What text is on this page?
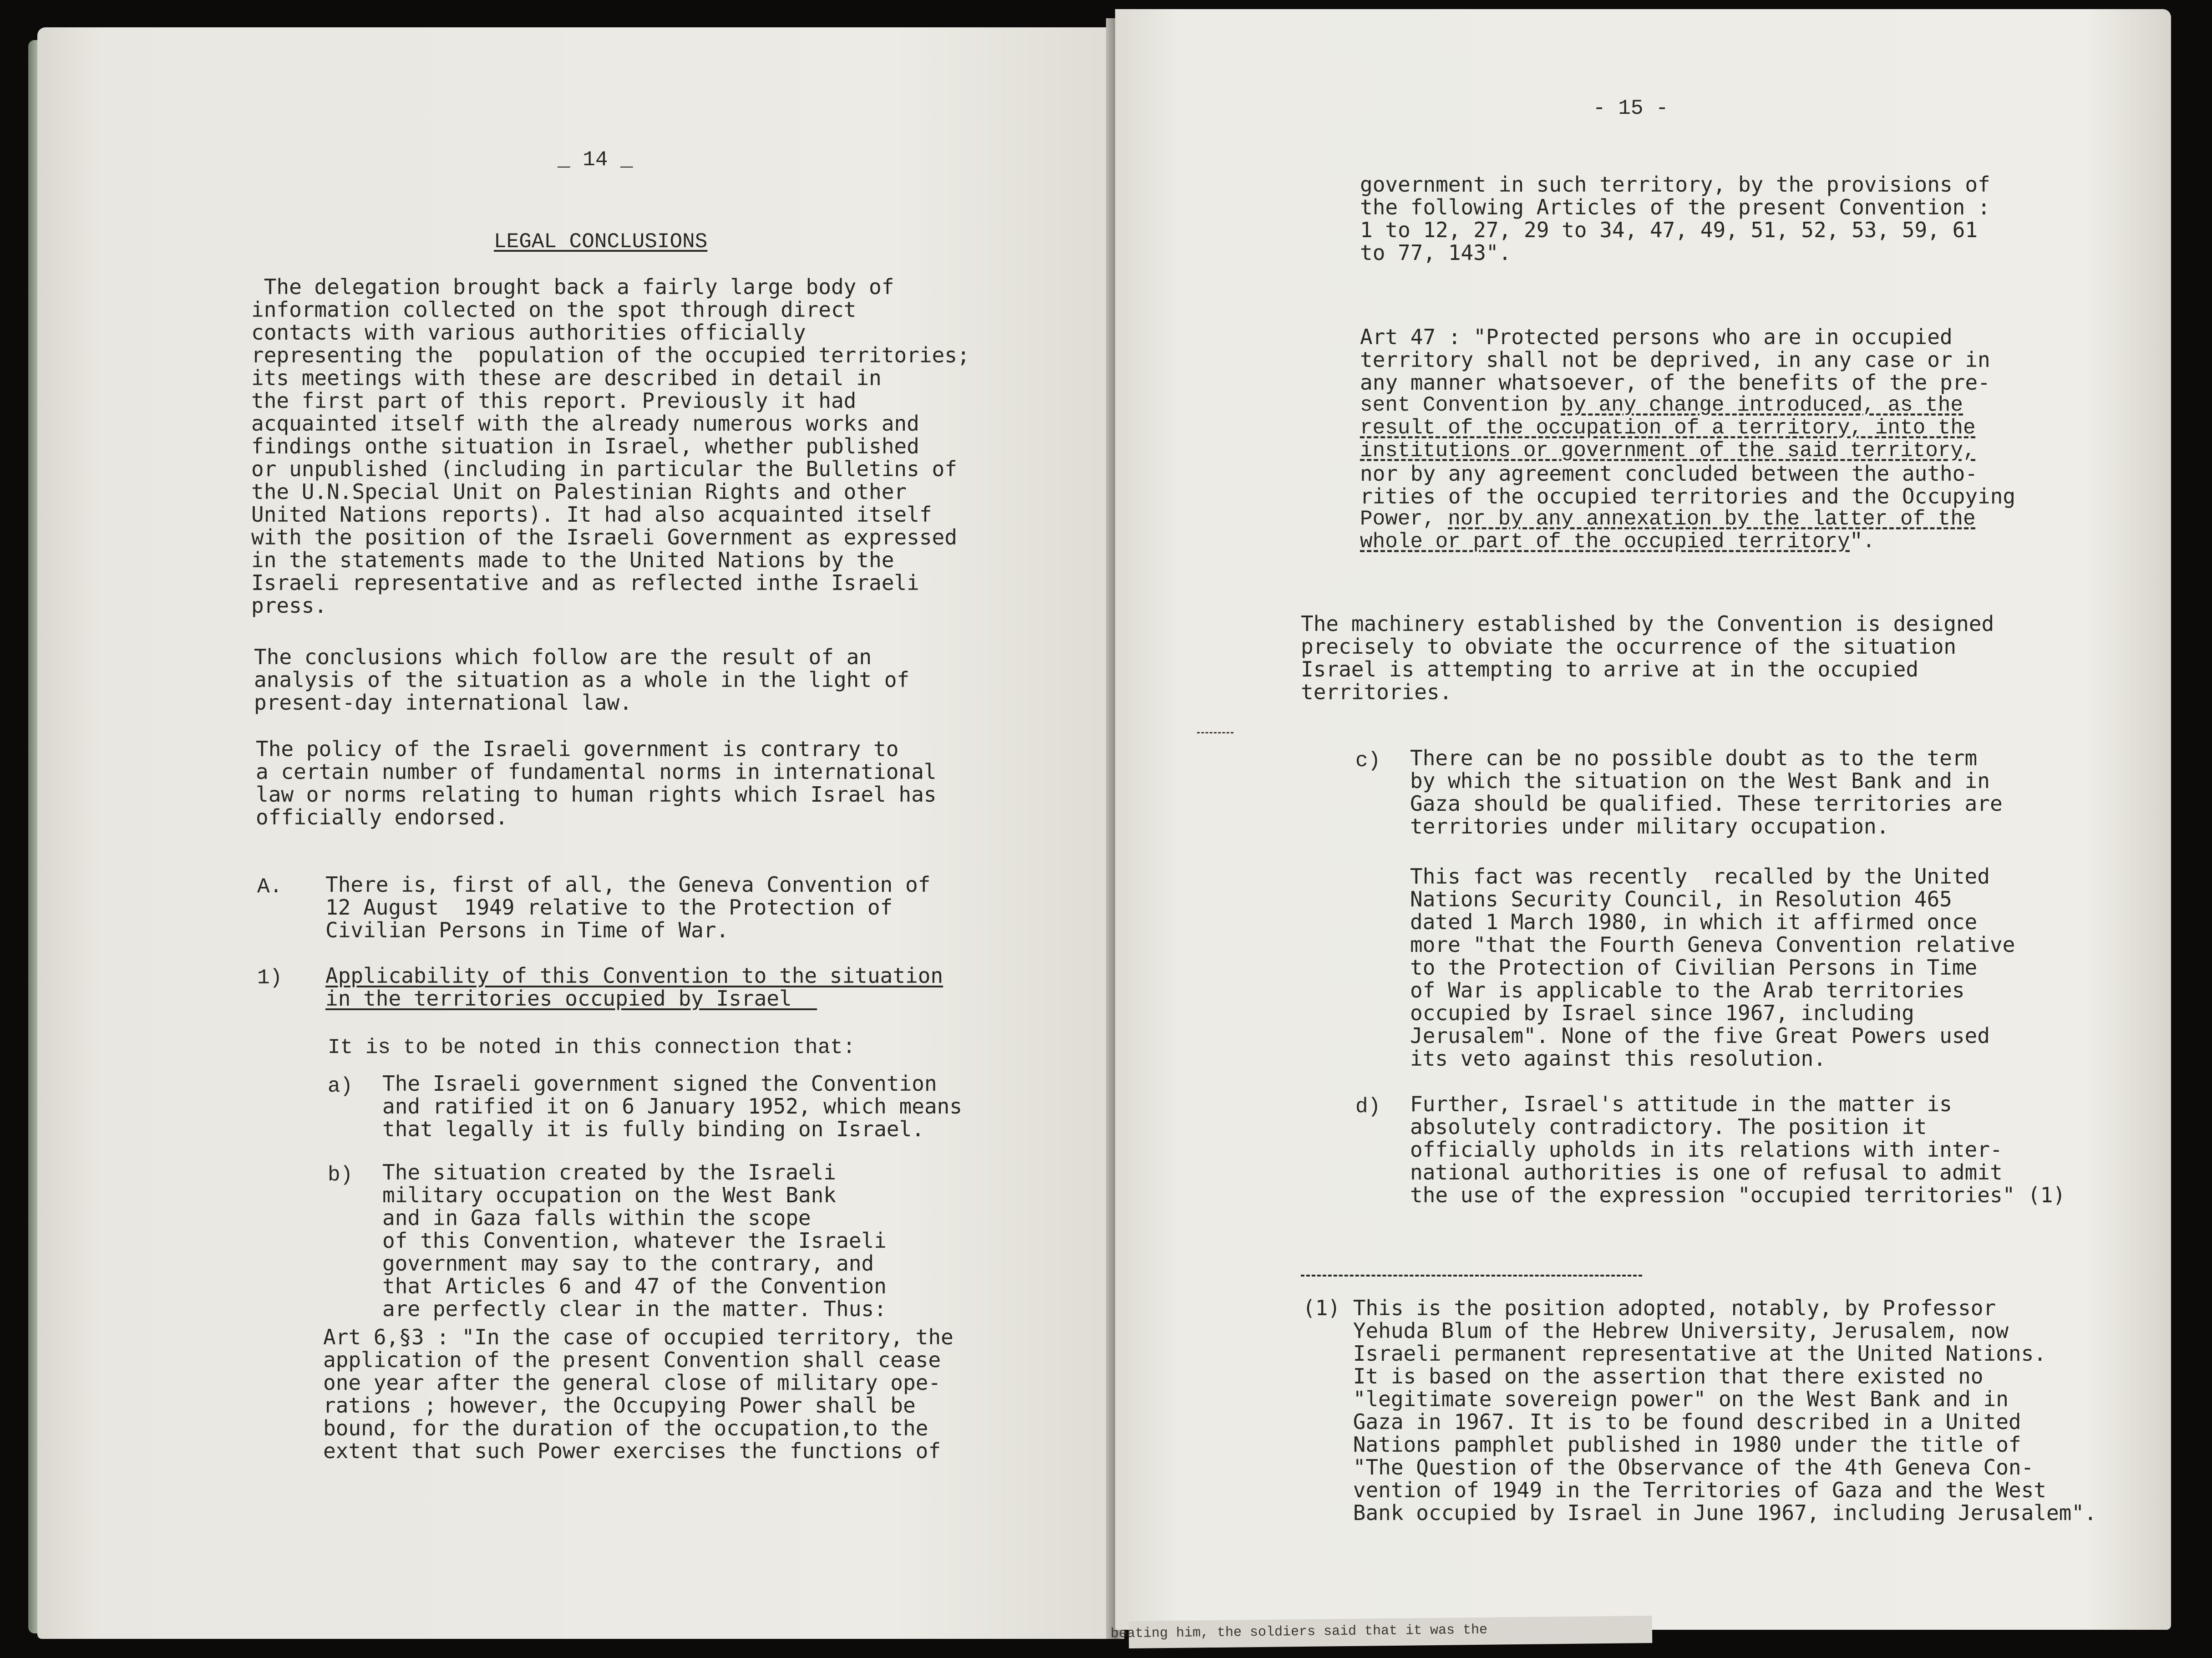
beating him, the soldiers said that it was the
_ 14 _
LEGAL CONCLUSIONS
The delegation brought back a fairly large body of
information collected on the spot through direct
contacts with various authorities officially
representing the  population of the occupied territories;
its meetings with these are described in detail in
the first part of this report. Previously it had
acquainted itself with the already numerous works and
findings onthe situation in Israel, whether published
or unpublished (including in particular the Bulletins of
the U.N.Special Unit on Palestinian Rights and other
United Nations reports). It had also acquainted itself
with the position of the Israeli Government as expressed
in the statements made to the United Nations by the
Israeli representative and as reflected inthe Israeli
press.
The conclusions which follow are the result of an
analysis of the situation as a whole in the light of
present-day international law.
The policy of the Israeli government is contrary to
a certain number of fundamental norms in international
law or norms relating to human rights which Israel has
officially endorsed.
A. There is, first of all, the Geneva Convention of
12 August  1949 relative to the Protection of
Civilian Persons in Time of War.
1) Applicability of this Convention to the situation
in the territories occupied by Israel
It is to be noted in this connection that:
a) The Israeli government signed the Convention
and ratified it on 6 January 1952, which means
that legally it is fully binding on Israel.
b) The situation created by the Israeli
military occupation on the West Bank
and in Gaza falls within the scope
of this Convention, whatever the Israeli
government may say to the contrary, and
that Articles 6 and 47 of the Convention
are perfectly clear in the matter. Thus:
Art 6,§3 : "In the case of occupied territory, the
application of the present Convention shall cease
one year after the general close of military ope-
rations ; however, the Occupying Power shall be
bound, for the duration of the occupation,to the
extent that such Power exercises the functions of
- 15 -
government in such territory, by the provisions of
the following Articles of the present Convention :
1 to 12, 27, 29 to 34, 47, 49, 51, 52, 53, 59, 61
to 77, 143".
Art 47 : "Protected persons who are in occupied
territory shall not be deprived, in any case or in
any manner whatsoever, of the benefits of the pre-
sent Convention by any change introduced, as the
result of the occupation of a territory, into the
institutions or government of the said territory,
nor by any agreement concluded between the autho-
rities of the occupied territories and the Occupying
Power, nor by any annexation by the latter of the
whole or part of the occupied territory".
The machinery established by the Convention is designed
precisely to obviate the occurrence of the situation
Israel is attempting to arrive at in the occupied
territories.
c) There can be no possible doubt as to the term
by which the situation on the West Bank and in
Gaza should be qualified. These territories are
territories under military occupation.
This fact was recently  recalled by the United
Nations Security Council, in Resolution 465
dated 1 March 1980, in which it affirmed once
more "that the Fourth Geneva Convention relative
to the Protection of Civilian Persons in Time
of War is applicable to the Arab territories
occupied by Israel since 1967, including
Jerusalem". None of the five Great Powers used
its veto against this resolution.
d) Further, Israel's attitude in the matter is
absolutely contradictory. The position it
officially upholds in its relations with inter-
national authorities is one of refusal to admit
the use of the expression "occupied territories" (1)
(1) This is the position adopted, notably, by Professor
Yehuda Blum of the Hebrew University, Jerusalem, now
Israeli permanent representative at the United Nations.
It is based on the assertion that there existed no
"legitimate sovereign power" on the West Bank and in
Gaza in 1967. It is to be found described in a United
Nations pamphlet published in 1980 under the title of
"The Question of the Observance of the 4th Geneva Con-
vention of 1949 in the Territories of Gaza and the West
Bank occupied by Israel in June 1967, including Jerusalem".
